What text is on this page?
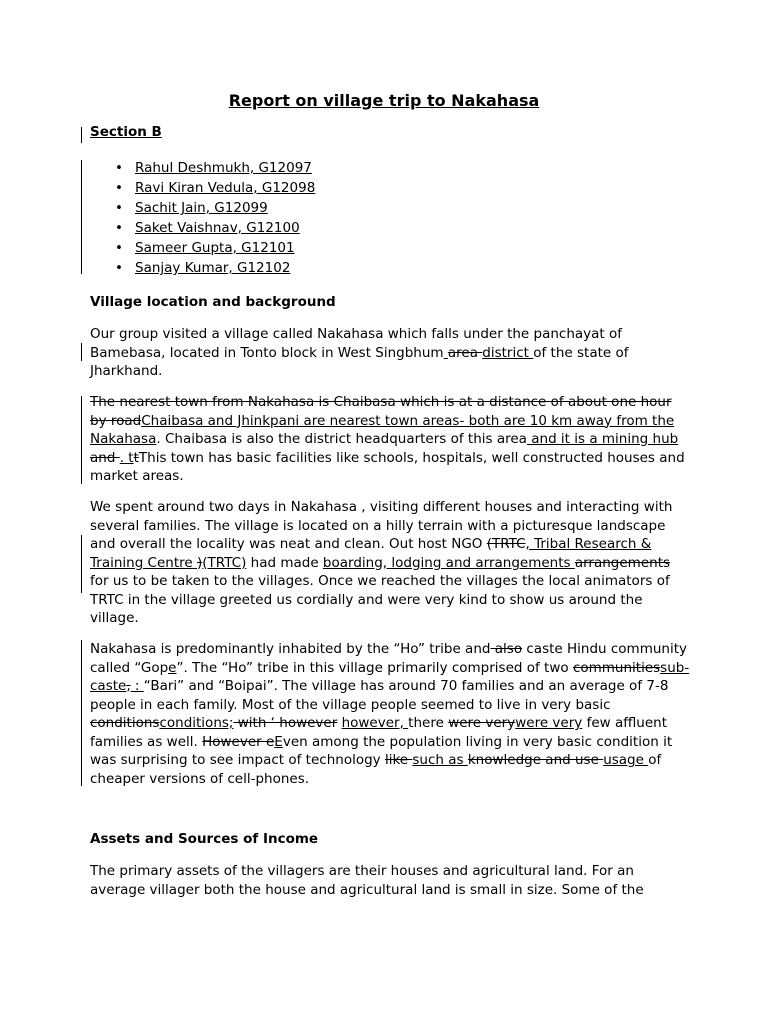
Report on village trip to Nakahasa
Section B
• Rahul Deshmukh, G12097
• Ravi Kiran Vedula, G12098
• Sachit Jain, G12099
• Saket Vaishnav, G12100
• Sameer Gupta, G12101
• Sanjay Kumar, G12102
Village location and background

Our group visited a village called Nakahasa which falls under the panchayat of Bamebasa, located in Tonto block in West Singbhum area district of the state of Jharkhand.

The nearest town from Nakahasa is Chaibasa which is at a distance of about one hour by roadChaibasa and Jhinkpani are nearest town areas- both are 10 km away from the Nakahasa. Chaibasa is also the district headquarters of this area and it is a mining hub and . ttThis town has basic facilities like schools, hospitals, well constructed houses and market areas.

We spent around two days in Nakahasa , visiting different houses and interacting with several families. The village is located on a hilly terrain with a picturesque landscape and overall the locality was neat and clean. Out host NGO (TRTC, Tribal Research & Training Centre )(TRTC) had made boarding, lodging and arrangements arrangements for us to be taken to the villages. Once we reached the villages the local animators of TRTC in the village greeted us cordially and were very kind to show us around the village.

Nakahasa is predominantly inhabited by the “Ho” tribe and also caste Hindu community called “Gope”. The “Ho” tribe in this village primarily comprised of two communitiessub-caste, : “Bari” and “Boipai”. The village has around 70 families and an average of 7-8 people in each family. Most of the village people seemed to live in very basic conditionsconditions; with ‘ however however, there were verywere very few affluent families as well. However eEven among the population living in very basic condition it was surprising to see impact of technology like such as knowledge and use usage of cheaper versions of cell-phones.

Assets and Sources of Income

The primary assets of the villagers are their houses and agricultural land. For an average villager both the house and agricultural land is small in size. Some of the
